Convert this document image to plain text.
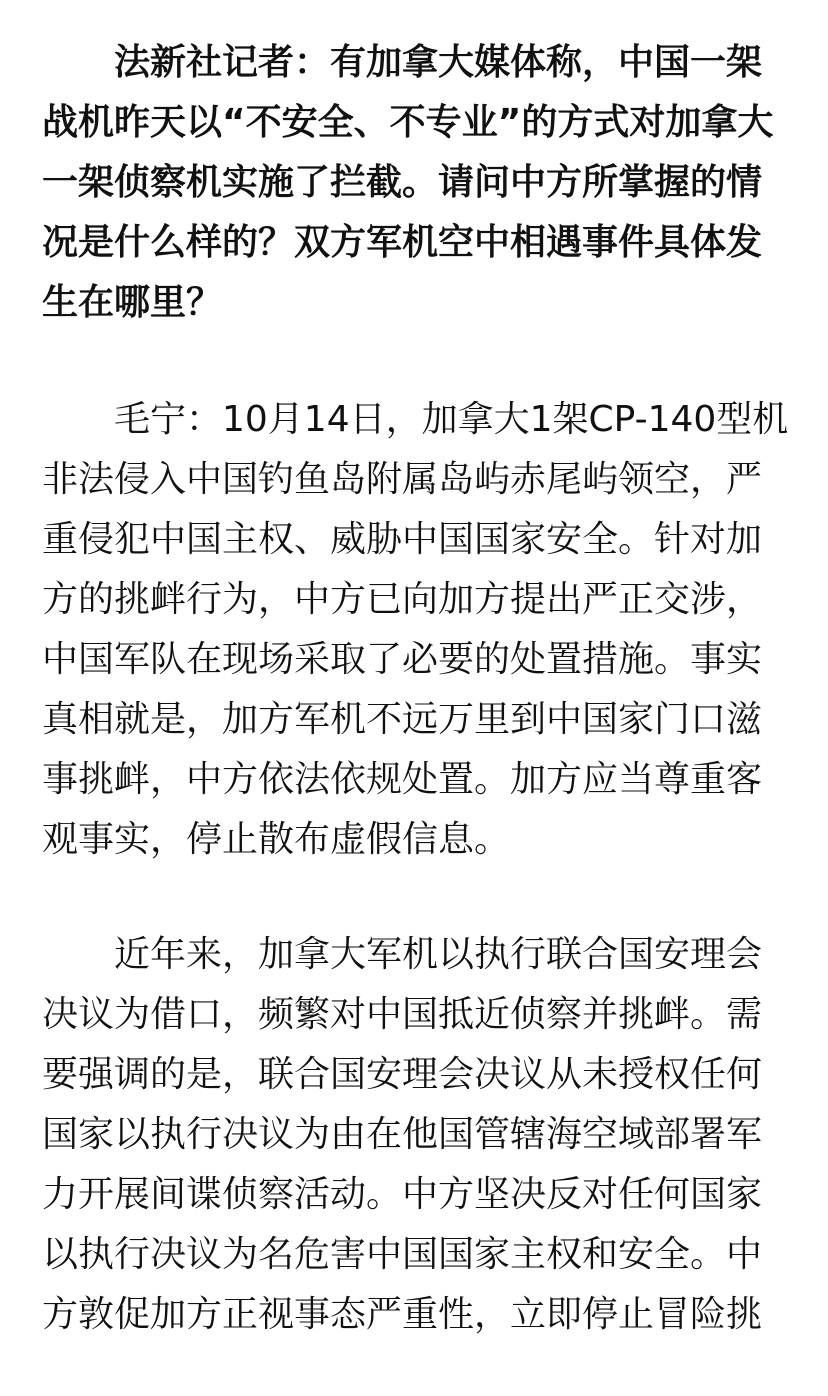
法新社记者：有加拿大媒体称，中国一架
战机昨天以“不安全、不专业”的方式对加拿大
一架侦察机实施了拦截。请问中方所掌握的情
况是什么样的？双方军机空中相遇事件具体发
生在哪里？

毛宁：10月14日，加拿大1架CP-140型机
非法侵入中国钓鱼岛附属岛屿赤尾屿领空，严
重侵犯中国主权、威胁中国国家安全。针对加
方的挑衅行为，中方已向加方提出严正交涉，
中国军队在现场采取了必要的处置措施。事实
真相就是，加方军机不远万里到中国家门口滋
事挑衅，中方依法依规处置。加方应当尊重客
观事实，停止散布虚假信息。

近年来，加拿大军机以执行联合国安理会
决议为借口，频繁对中国抵近侦察并挑衅。需
要强调的是，联合国安理会决议从未授权任何
国家以执行决议为由在他国管辖海空域部署军
力开展间谍侦察活动。中方坚决反对任何国家
以执行决议为名危害中国国家主权和安全。中
方敦促加方正视事态严重性，立即停止冒险挑
